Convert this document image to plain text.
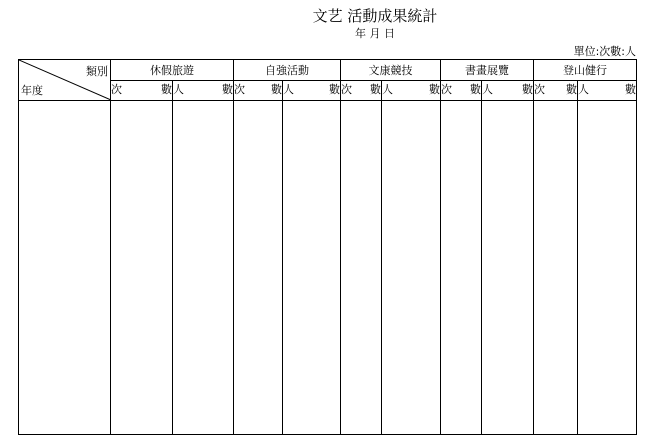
文艺 活動成果統計
年 月 日
單位:次數:人
類別
年度	休假旅遊		自強活動		文康競技		書畫展覽		登山健行	

	次 數	人 數	次 數	人 數	次 數	人 數	次 數	人 數	次 數	人 數
